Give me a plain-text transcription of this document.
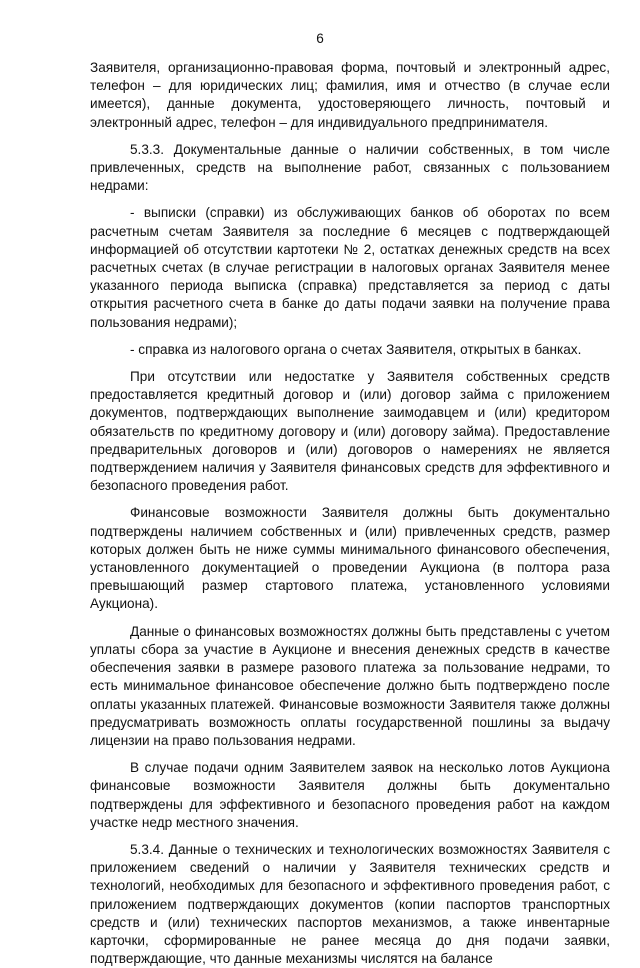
6

Заявителя, организационно-правовая форма, почтовый и электронный адрес, телефон – для юридических лиц; фамилия, имя и отчество (в случае если имеется), данные документа, удостоверяющего личность, почтовый и электронный адрес, телефон – для индивидуального предпринимателя.

5.3.3. Документальные данные о наличии собственных, в том числе привлеченных, средств на выполнение работ, связанных с пользованием недрами:

- выписки (справки) из обслуживающих банков об оборотах по всем расчетным счетам Заявителя за последние 6 месяцев с подтверждающей информацией об отсутствии картотеки № 2, остатках денежных средств на всех расчетных счетах (в случае регистрации в налоговых органах Заявителя менее указанного периода выписка (справка) представляется за период с даты открытия расчетного счета в банке до даты подачи заявки на получение права пользования недрами);

- справка из налогового органа о счетах Заявителя, открытых в банках.

При отсутствии или недостатке у Заявителя собственных средств предоставляется кредитный договор и (или) договор займа с приложением документов, подтверждающих выполнение заимодавцем и (или) кредитором обязательств по кредитному договору и (или) договору займа). Предоставление предварительных договоров и (или) договоров о намерениях не является подтверждением наличия у Заявителя финансовых средств для эффективного и безопасного проведения работ.

Финансовые возможности Заявителя должны быть документально подтверждены наличием собственных и (или) привлеченных средств, размер которых должен быть не ниже суммы минимального финансового обеспечения, установленного документацией о проведении Аукциона (в полтора раза превышающий размер стартового платежа, установленного условиями Аукциона).

Данные о финансовых возможностях должны быть представлены с учетом уплаты сбора за участие в Аукционе и внесения денежных средств в качестве обеспечения заявки в размере разового платежа за пользование недрами, то есть минимальное финансовое обеспечение должно быть подтверждено после оплаты указанных платежей. Финансовые возможности Заявителя также должны предусматривать возможность оплаты государственной пошлины за выдачу лицензии на право пользования недрами.

В случае подачи одним Заявителем заявок на несколько лотов Аукциона финансовые возможности Заявителя должны быть документально подтверждены для эффективного и безопасного проведения работ на каждом участке недр местного значения.

5.3.4. Данные о технических и технологических возможностях Заявителя с приложением сведений о наличии у Заявителя технических средств и технологий, необходимых для безопасного и эффективного проведения работ, с приложением подтверждающих документов (копии паспортов транспортных средств и (или) технических паспортов механизмов, а также инвентарные карточки, сформированные не ранее месяца до дня подачи заявки, подтверждающие, что данные механизмы числятся на балансе
